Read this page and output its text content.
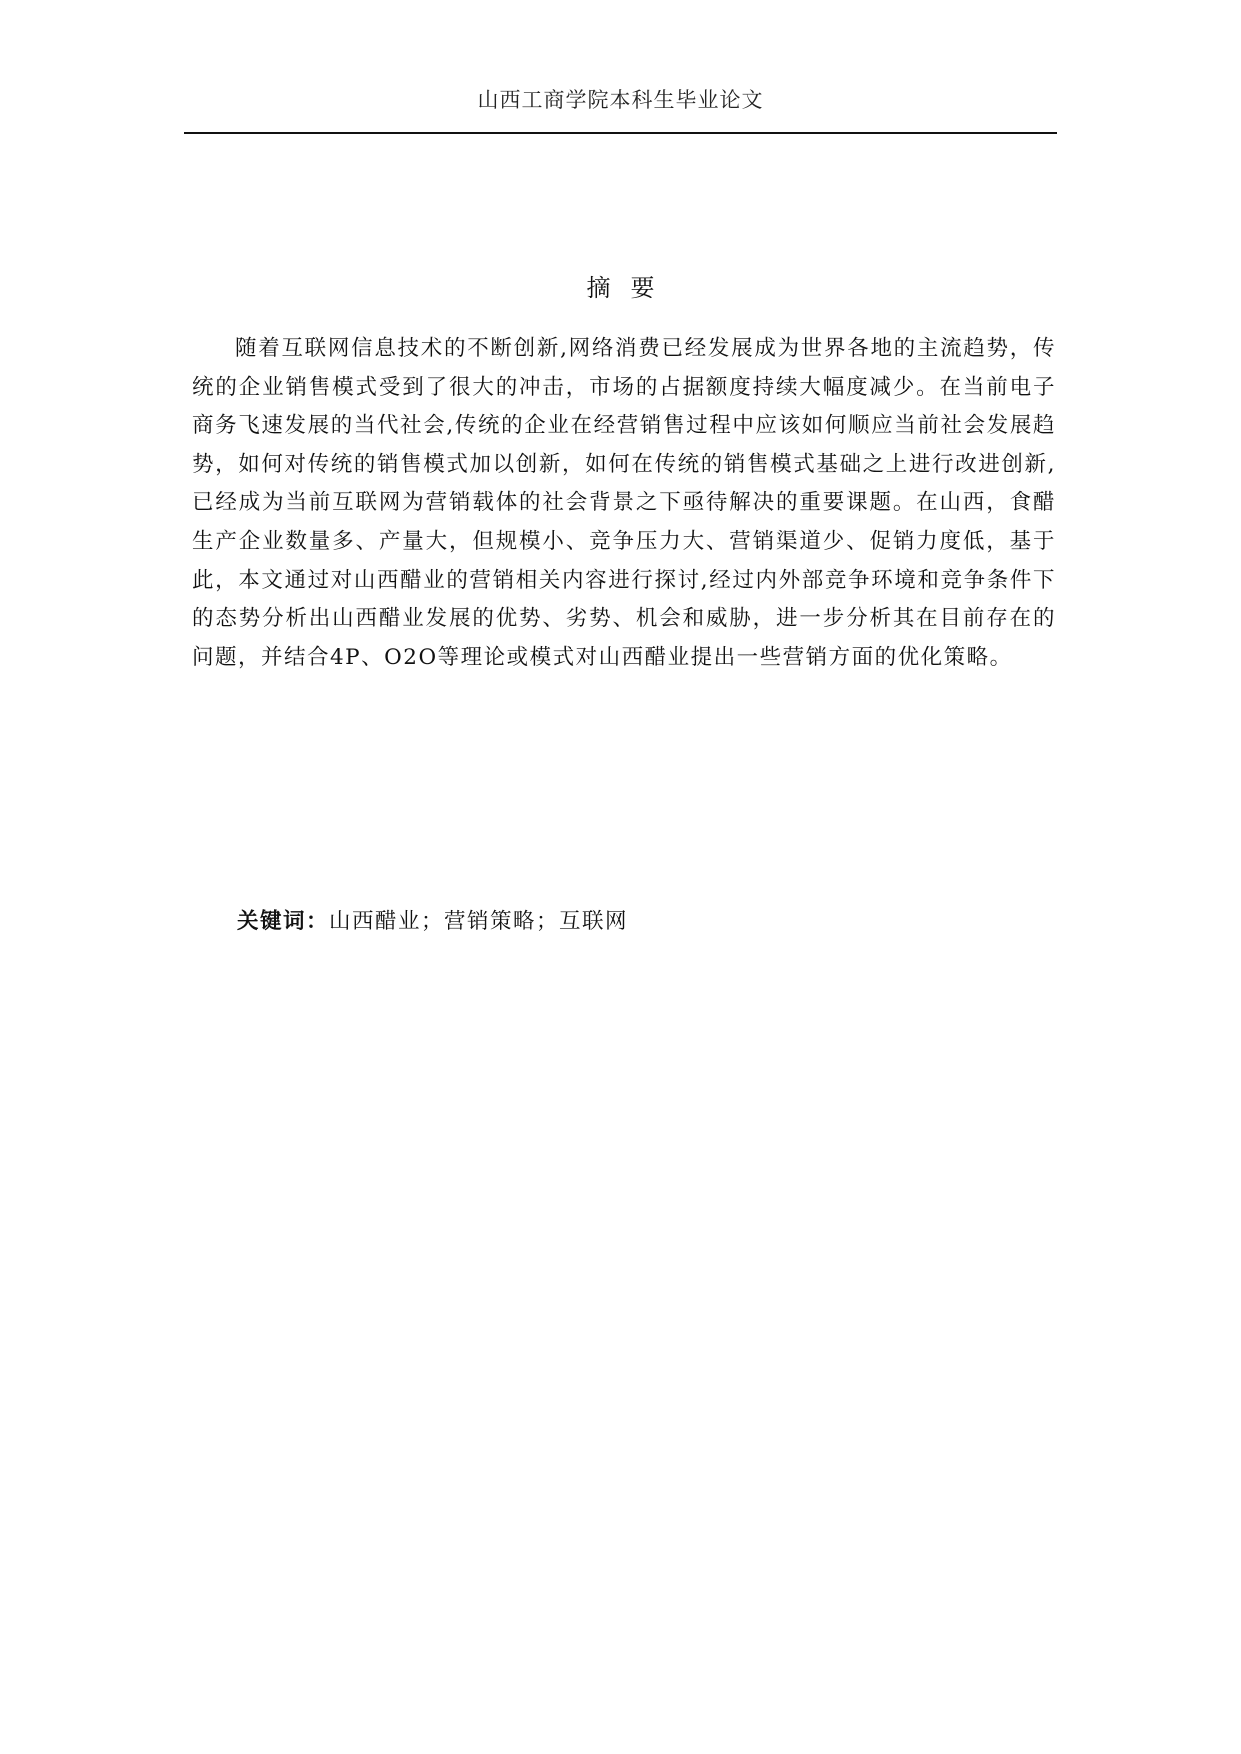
山西工商学院本科生毕业论文
摘要

随着互联网信息技术的不断创新,网络消费已经发展成为世界各地的主流趋势，传统的企业销售模式受到了很大的冲击，市场的占据额度持续大幅度减少。在当前电子商务飞速发展的当代社会,传统的企业在经营销售过程中应该如何顺应当前社会发展趋势，如何对传统的销售模式加以创新，如何在传统的销售模式基础之上进行改进创新,已经成为当前互联网为营销载体的社会背景之下亟待解决的重要课题。在山西，食醋生产企业数量多、产量大，但规模小、竞争压力大、营销渠道少、促销力度低，基于此，本文通过对山西醋业的营销相关内容进行探讨,经过内外部竞争环境和竞争条件下的态势分析出山西醋业发展的优势、劣势、机会和威胁，进一步分析其在目前存在的问题，并结合4P、O2O等理论或模式对山西醋业提出一些营销方面的优化策略。

关键词：山西醋业；营销策略；互联网
